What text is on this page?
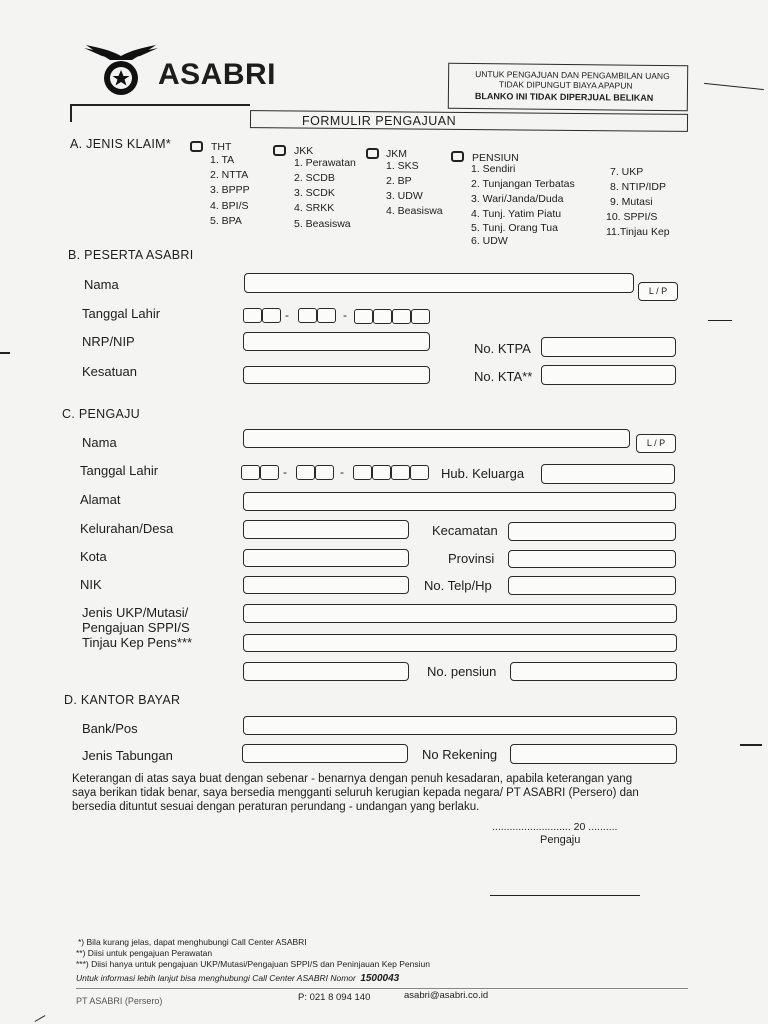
ASABRI	UNTUK PENGAJUAN DAN PENGAMBILAN UANG
TIDAK DIPUNGUT BIAYA APAPUN
BLANKO INI TIDAK DIPERJUAL BELIKAN
FORMULIR PENGAJUAN
A. JENIS KLAIM*	THT
1. TA
2. NTTA
3. BPPP
4. BPI/S
5. BPA
JKK
1. Perawatan
2. SCDB
3. SCDK
4. SRKK
5. Beasiswa
JKM
1. SKS
2. BP
3. UDW
4. Beasiswa
PENSIUN
1. Sendiri
2. Tunjangan Terbatas
3. Wari/Janda/Duda
4. Tunj. Yatim Piatu
5. Tunj. Orang Tua
6. UDW
7. UKP
8. NTIP/IDP
9. Mutasi
10. SPPI/S
11.Tinjau Kep
B. PESERTA ASABRI
Nama	L / P
Tanggal Lahir	-	-
NRP/NIP	No. KTPA
Kesatuan	No. KTA**
C. PENGAJU
Nama	L / P
Tanggal Lahir	-	-	Hub. Keluarga
Alamat
Kelurahan/Desa	Kecamatan
Kota	Provinsi
NIK	No. Telp/Hp
Jenis UKP/Mutasi/
Pengajuan SPPI/S
Tinjau Kep Pens***
No. pensiun
D. KANTOR BAYAR
Bank/Pos
Jenis Tabungan	No Rekening
Keterangan di atas saya buat dengan sebenar - benarnya dengan penuh kesadaran, apabila keterangan yang
saya berikan tidak benar, saya bersedia mengganti seluruh kerugian kepada negara/ PT ASABRI (Persero) dan
bersedia dituntut sesuai dengan peraturan perundang - undangan yang berlaku.
........................... 20 ..........
Pengaju
*) Bila kurang jelas, dapat menghubungi Call Center ASABRI
**) Diisi untuk pengajuan Perawatan
***) Diisi hanya untuk pengajuan UKP/Mutasi/Pengajuan SPPI/S dan Peninjauan Kep Pensiun
Untuk informasi lebih lanjut bisa menghubungi Call Center ASABRI Nomor 1500043
PT ASABRI (Persero)	P: 021 8 094 140	asabri@asabri.co.id
